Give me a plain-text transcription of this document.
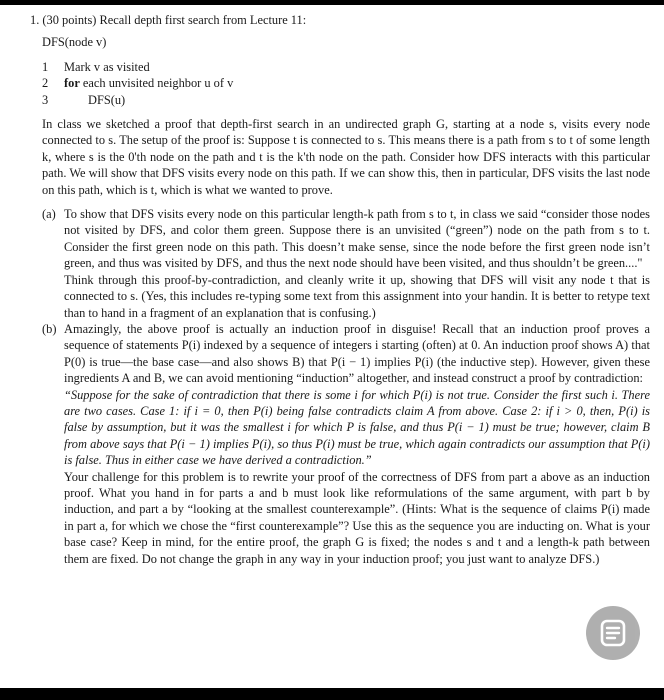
1. (30 points) Recall depth first search from Lecture 11:
DFS(node v)
1	Mark v as visited
2	for each unvisited neighbor u of v
3	DFS(u)

In class we sketched a proof that depth-first search in an undirected graph G, starting at a node s, visits every node connected to s. The setup of the proof is: Suppose t is connected to s. This means there is a path from s to t of some length k, where s is the 0'th node on the path and t is the k'th node on the path. Consider how DFS interacts with this particular path. We will show that DFS visits every node on this path. If we can show this, then in particular, DFS visits the last node on this path, which is t, which is what we wanted to prove.

(a) To show that DFS visits every node on this particular length-k path from s to t, in class we said “consider those nodes not visited by DFS, and color them green. Suppose there is an unvisited (“green”) node on the path from s to t. Consider the first green node on this path. This doesn’t make sense, since the node before the first green node isn’t green, and thus was visited by DFS, and thus the next node should have been visited, and thus shouldn’t be green...."

Think through this proof-by-contradiction, and cleanly write it up, showing that DFS will visit any node t that is connected to s. (Yes, this includes re-typing some text from this assignment into your handin. It is better to retype text than to hand in a fragment of an explanation that is confusing.)

(b) Amazingly, the above proof is actually an induction proof in disguise! Recall that an induction proof proves a sequence of statements P(i) indexed by a sequence of integers i starting (often) at 0. An induction proof shows A) that P(0) is true—the base case—and also shows B) that P(i − 1) implies P(i) (the inductive step). However, given these ingredients A and B, we can avoid mentioning “induction” altogether, and instead construct a proof by contradiction:

“Suppose for the sake of contradiction that there is some i for which P(i) is not true. Consider the first such i. There are two cases. Case 1: if i = 0, then P(i) being false contradicts claim A from above. Case 2: if i > 0, then, P(i) is false by assumption, but it was the smallest i for which P is false, and thus P(i − 1) must be true; however, claim B from above says that P(i − 1) implies P(i), so thus P(i) must be true, which again contradicts our assumption that P(i) is false. Thus in either case we have derived a contradiction.”

Your challenge for this problem is to rewrite your proof of the correctness of DFS from part a above as an induction proof. What you hand in for parts a and b must look like reformulations of the same argument, with part b by induction, and part a by “looking at the smallest counterexample”. (Hints: What is the sequence of claims P(i) made in part a, for which we chose the “first counterexample”? Use this as the sequence you are inducting on. What is your base case? Keep in mind, for the entire proof, the graph G is fixed; the nodes s and t and a length-k path between them are fixed. Do not change the graph in any way in your induction proof; you just want to analyze DFS.)
